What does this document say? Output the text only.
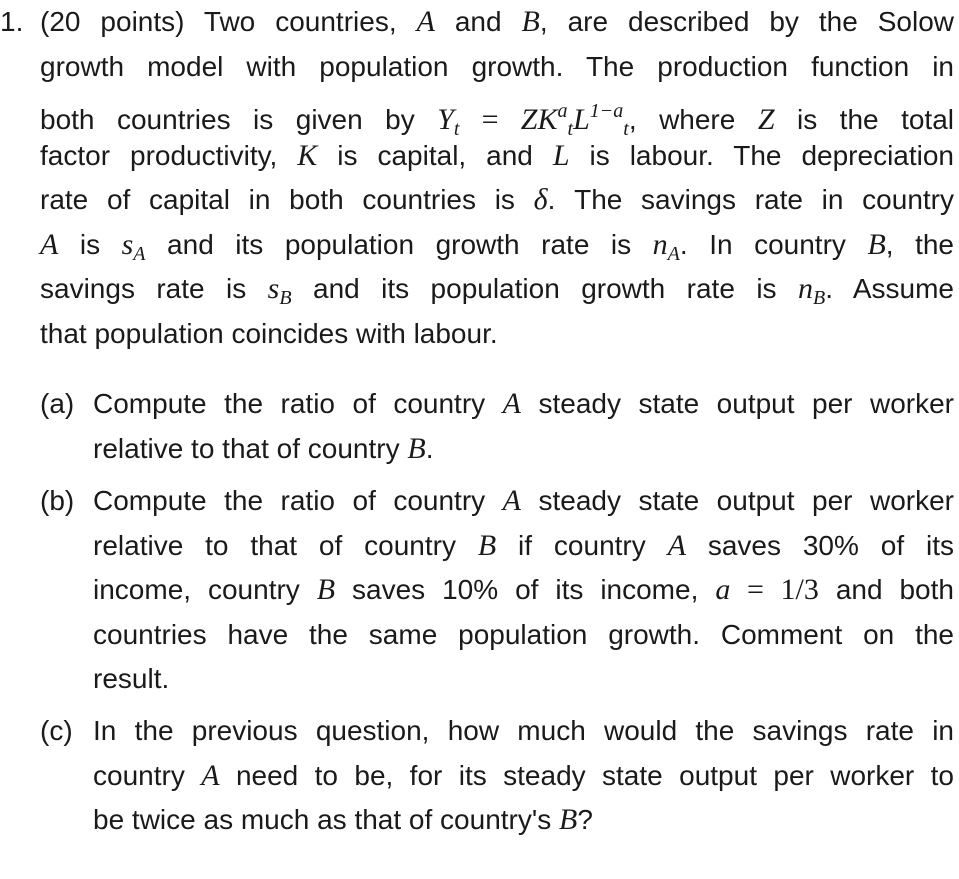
1. (20 points) Two countries, A and B, are described by the Solow
growth model with population growth. The production function in
both countries is given by $Y_t = ZK^a_tL^{1-a}_t$, where Z is the total
factor productivity, K is capital, and L is labour. The depreciation
rate of capital in both countries is δ. The savings rate in country
A is $s_A$ and its population growth rate is $n_A$. In country B, the
savings rate is $s_B$ and its population growth rate is $n_B$. Assume
that population coincides with labour.
(a) Compute the ratio of country A steady state output per worker
relative to that of country B.
(b) Compute the ratio of country A steady state output per worker
relative to that of country B if country A saves 30% of its
income, country B saves 10% of its income, a = 1/3 and both
countries have the same population growth. Comment on the
result.
(c) In the previous question, how much would the savings rate in
country A need to be, for its steady state output per worker to
be twice as much as that of country's B?
